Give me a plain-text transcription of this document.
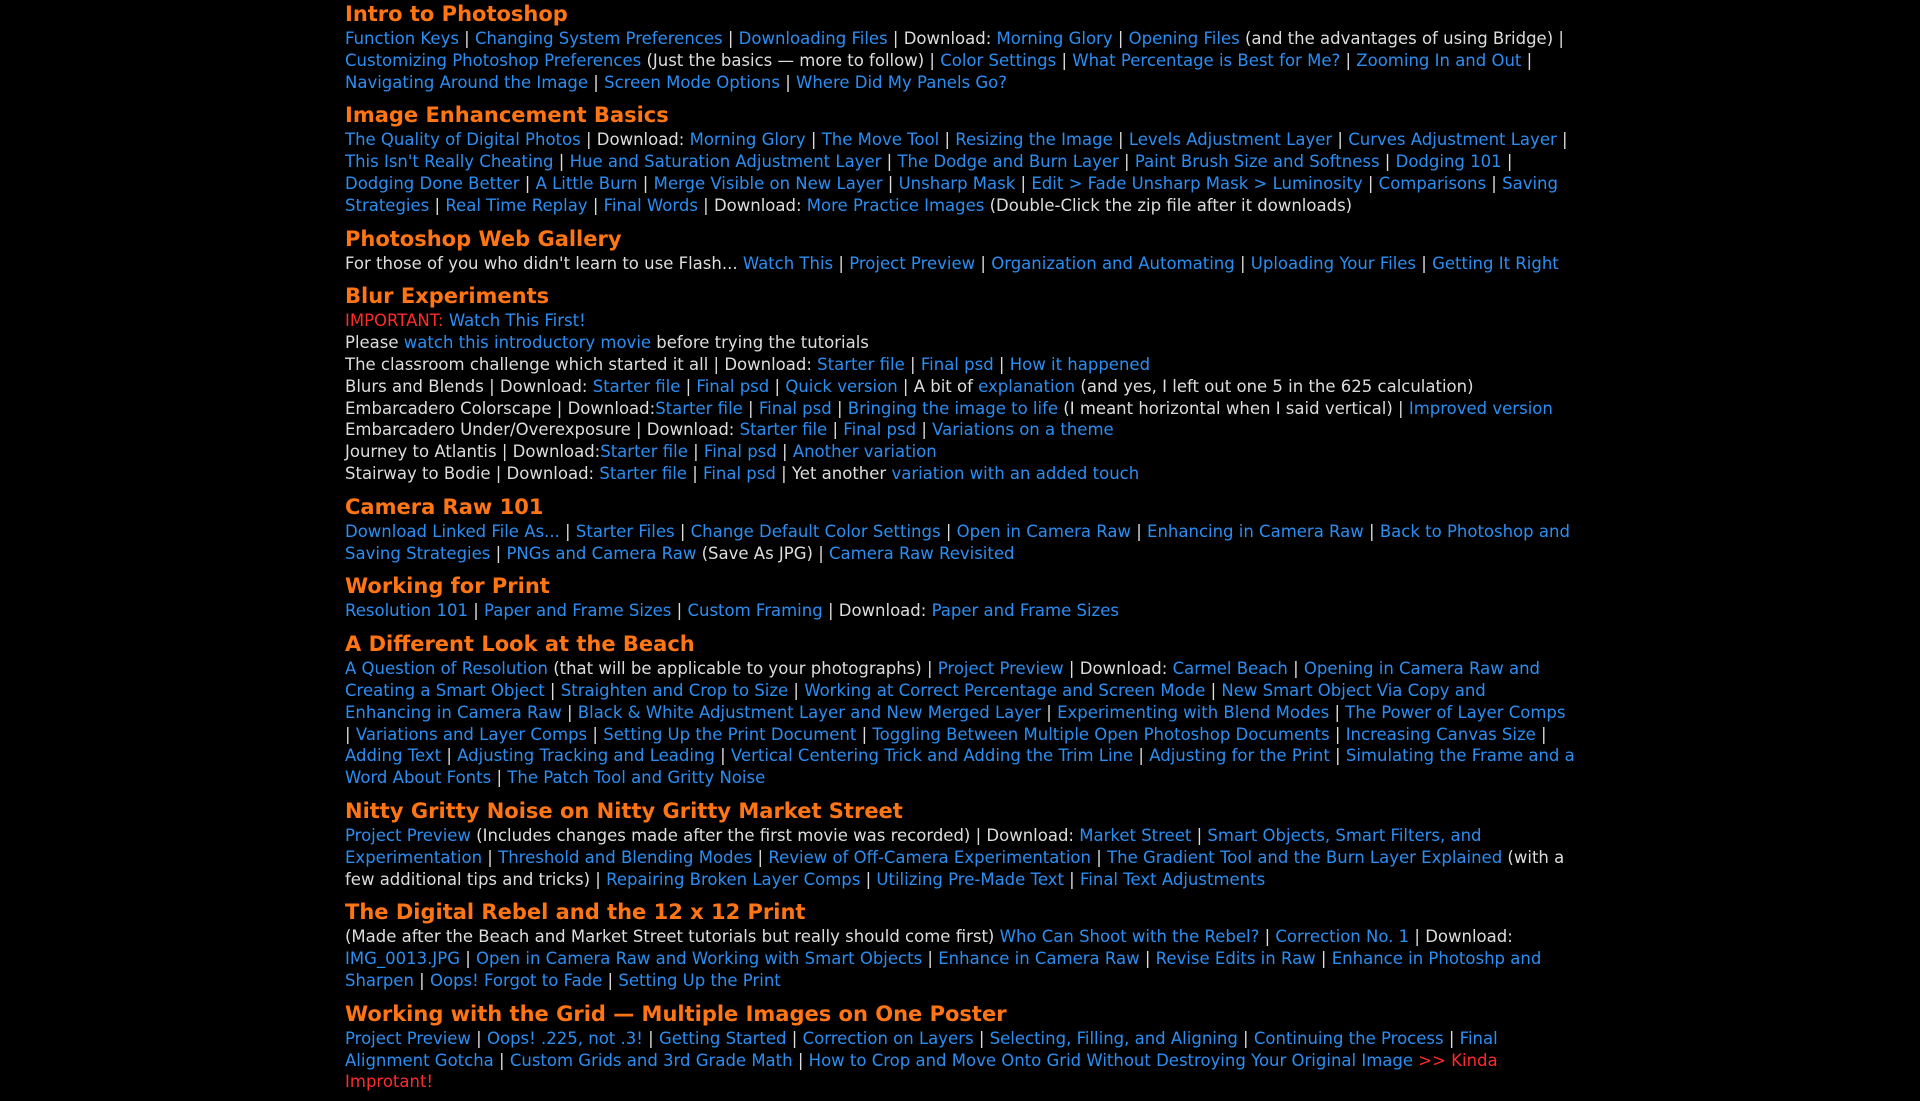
Intro to Photoshop
Function Keys | Changing System Preferences | Downloading Files | Download: Morning Glory | Opening Files (and the advantages of using Bridge) | Customizing Photoshop Preferences (Just the basics — more to follow) | Color Settings | What Percentage is Best for Me? | Zooming In and Out | Navigating Around the Image | Screen Mode Options | Where Did My Panels Go?
Image Enhancement Basics
The Quality of Digital Photos | Download: Morning Glory | The Move Tool | Resizing the Image | Levels Adjustment Layer | Curves Adjustment Layer | This Isn't Really Cheating | Hue and Saturation Adjustment Layer | The Dodge and Burn Layer | Paint Brush Size and Softness | Dodging 101 | Dodging Done Better | A Little Burn | Merge Visible on New Layer | Unsharp Mask | Edit > Fade Unsharp Mask > Luminosity | Comparisons | Saving Strategies | Real Time Replay | Final Words | Download: More Practice Images (Double-Click the zip file after it downloads)
Photoshop Web Gallery
For those of you who didn't learn to use Flash... Watch This | Project Preview | Organization and Automating | Uploading Your Files | Getting It Right
Blur Experiments
IMPORTANT: Watch This First!
Please watch this introductory movie before trying the tutorials
The classroom challenge which started it all | Download: Starter file | Final psd | How it happened
Blurs and Blends | Download: Starter file | Final psd | Quick version | A bit of explanation (and yes, I left out one 5 in the 625 calculation)
Embarcadero Colorscape | Download:Starter file | Final psd | Bringing the image to life (I meant horizontal when I said vertical) | Improved version
Embarcadero Under/Overexposure | Download: Starter file | Final psd | Variations on a theme
Journey to Atlantis | Download:Starter file | Final psd | Another variation
Stairway to Bodie | Download: Starter file | Final psd | Yet another variation with an added touch
Camera Raw 101
Download Linked File As... | Starter Files | Change Default Color Settings | Open in Camera Raw | Enhancing in Camera Raw | Back to Photoshop and Saving Strategies | PNGs and Camera Raw (Save As JPG) | Camera Raw Revisited
Working for Print
Resolution 101 | Paper and Frame Sizes | Custom Framing | Download: Paper and Frame Sizes
A Different Look at the Beach
A Question of Resolution (that will be applicable to your photographs) | Project Preview | Download: Carmel Beach | Opening in Camera Raw and Creating a Smart Object | Straighten and Crop to Size | Working at Correct Percentage and Screen Mode | New Smart Object Via Copy and Enhancing in Camera Raw | Black & White Adjustment Layer and New Merged Layer | Experimenting with Blend Modes | The Power of Layer Comps | Variations and Layer Comps | Setting Up the Print Document | Toggling Between Multiple Open Photoshop Documents | Increasing Canvas Size | Adding Text | Adjusting Tracking and Leading | Vertical Centering Trick and Adding the Trim Line | Adjusting for the Print | Simulating the Frame and a Word About Fonts | The Patch Tool and Gritty Noise
Nitty Gritty Noise on Nitty Gritty Market Street
Project Preview (Includes changes made after the first movie was recorded) | Download: Market Street | Smart Objects, Smart Filters, and Experimentation | Threshold and Blending Modes | Review of Off-Camera Experimentation | The Gradient Tool and the Burn Layer Explained (with a few additional tips and tricks) | Repairing Broken Layer Comps | Utilizing Pre-Made Text | Final Text Adjustments
The Digital Rebel and the 12 x 12 Print
(Made after the Beach and Market Street tutorials but really should come first) Who Can Shoot with the Rebel? | Correction No. 1 | Download: IMG_0013.JPG | Open in Camera Raw and Working with Smart Objects | Enhance in Camera Raw | Revise Edits in Raw | Enhance in Photoshp and Sharpen | Oops! Forgot to Fade | Setting Up the Print
Working with the Grid — Multiple Images on One Poster
Project Preview | Oops! .225, not .3! | Getting Started | Correction on Layers | Selecting, Filling, and Aligning | Continuing the Process | Final Alignment Gotcha | Custom Grids and 3rd Grade Math | How to Crop and Move Onto Grid Without Destroying Your Original Image >> Kinda Improtant!
